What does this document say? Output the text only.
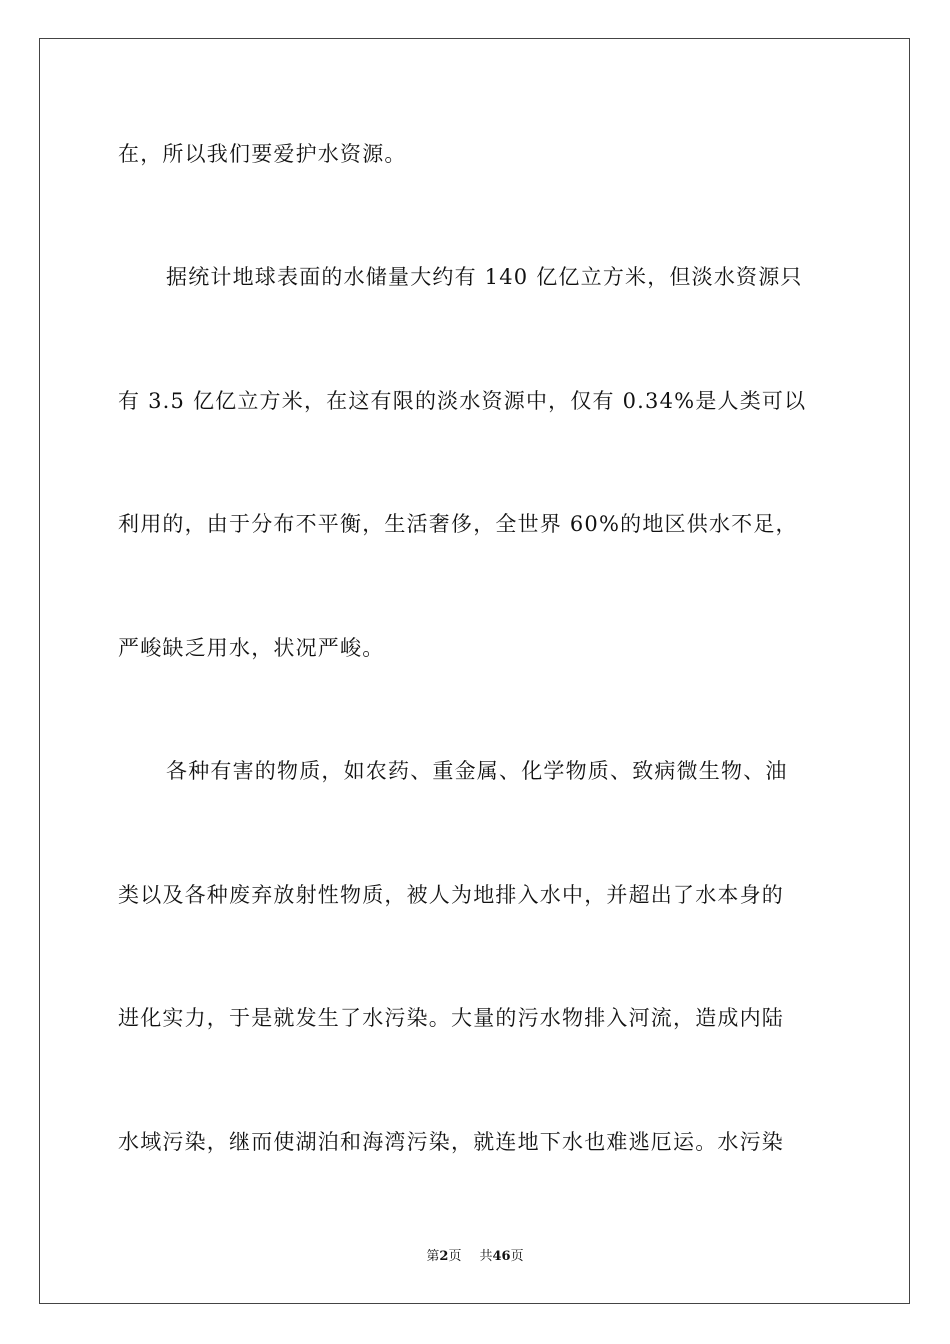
在，所以我们要爱护水资源。
据统计地球表面的水储量大约有 140 亿亿立方米，但淡水资源只
有 3.5 亿亿立方米，在这有限的淡水资源中，仅有 0.34%是人类可以
利用的，由于分布不平衡，生活奢侈，全世界 60%的地区供水不足，
严峻缺乏用水，状况严峻。
各种有害的物质，如农药、重金属、化学物质、致病微生物、油
类以及各种废弃放射性物质，被人为地排入水中，并超出了水本身的
进化实力，于是就发生了水污染。大量的污水物排入河流，造成内陆
水域污染，继而使湖泊和海湾污染，就连地下水也难逃厄运。水污染
第2页 共46页
